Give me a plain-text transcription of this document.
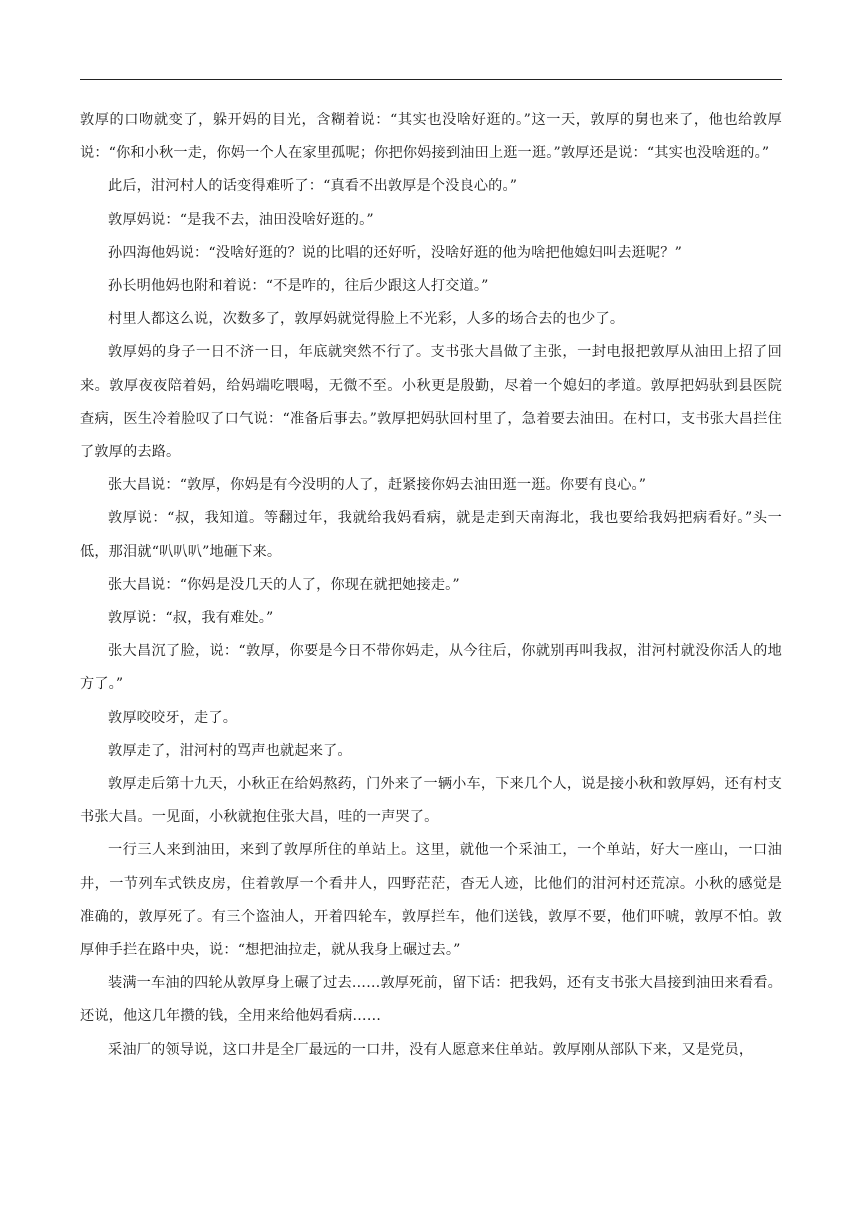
敦厚的口吻就变了，躲开妈的目光，含糊着说：“其实也没啥好逛的。”这一天，敦厚的舅也来了，他也给敦厚说：“你和小秋一走，你妈一个人在家里孤呢；你把你妈接到油田上逛一逛。”敦厚还是说：“其实也没啥逛的。”

此后，泔河村人的话变得难听了：“真看不出敦厚是个没良心的。”

敦厚妈说：“是我不去，油田没啥好逛的。”

孙四海他妈说：“没啥好逛的？说的比唱的还好听，没啥好逛的他为啥把他媳妇叫去逛呢？”

孙长明他妈也附和着说：“不是咋的，往后少跟这人打交道。”

村里人都这么说，次数多了，敦厚妈就觉得脸上不光彩，人多的场合去的也少了。

敦厚妈的身子一日不济一日，年底就突然不行了。支书张大昌做了主张，一封电报把敦厚从油田上招了回来。敦厚夜夜陪着妈，给妈端吃喂喝，无微不至。小秋更是殷勤，尽着一个媳妇的孝道。敦厚把妈驮到县医院查病，医生冷着脸叹了口气说：“准备后事去。”敦厚把妈驮回村里了，急着要去油田。在村口，支书张大昌拦住了敦厚的去路。

张大昌说：“敦厚，你妈是有今没明的人了，赶紧接你妈去油田逛一逛。你要有良心。”

敦厚说：“叔，我知道。等翻过年，我就给我妈看病，就是走到天南海北，我也要给我妈把病看好。”头一低，那泪就“叭叭叭”地砸下来。

张大昌说：“你妈是没几天的人了，你现在就把她接走。”

敦厚说：“叔，我有难处。”

张大昌沉了脸，说：“敦厚，你要是今日不带你妈走，从今往后，你就别再叫我叔，泔河村就没你活人的地方了。”

敦厚咬咬牙，走了。

敦厚走了，泔河村的骂声也就起来了。

敦厚走后第十九天，小秋正在给妈熬药，门外来了一辆小车，下来几个人，说是接小秋和敦厚妈，还有村支书张大昌。一见面，小秋就抱住张大昌，哇的一声哭了。

一行三人来到油田，来到了敦厚所住的单站上。这里，就他一个采油工，一个单站，好大一座山，一口油井，一节列车式铁皮房，住着敦厚一个看井人，四野茫茫，杳无人迹，比他们的泔河村还荒凉。小秋的感觉是准确的，敦厚死了。有三个盗油人，开着四轮车，敦厚拦车，他们送钱，敦厚不要，他们吓唬，敦厚不怕。敦厚伸手拦在路中央，说：“想把油拉走，就从我身上碾过去。”

装满一车油的四轮从敦厚身上碾了过去……敦厚死前，留下话：把我妈，还有支书张大昌接到油田来看看。还说，他这几年攒的钱，全用来给他妈看病……

采油厂的领导说，这口井是全厂最远的一口井，没有人愿意来住单站。敦厚刚从部队下来，又是党员，
